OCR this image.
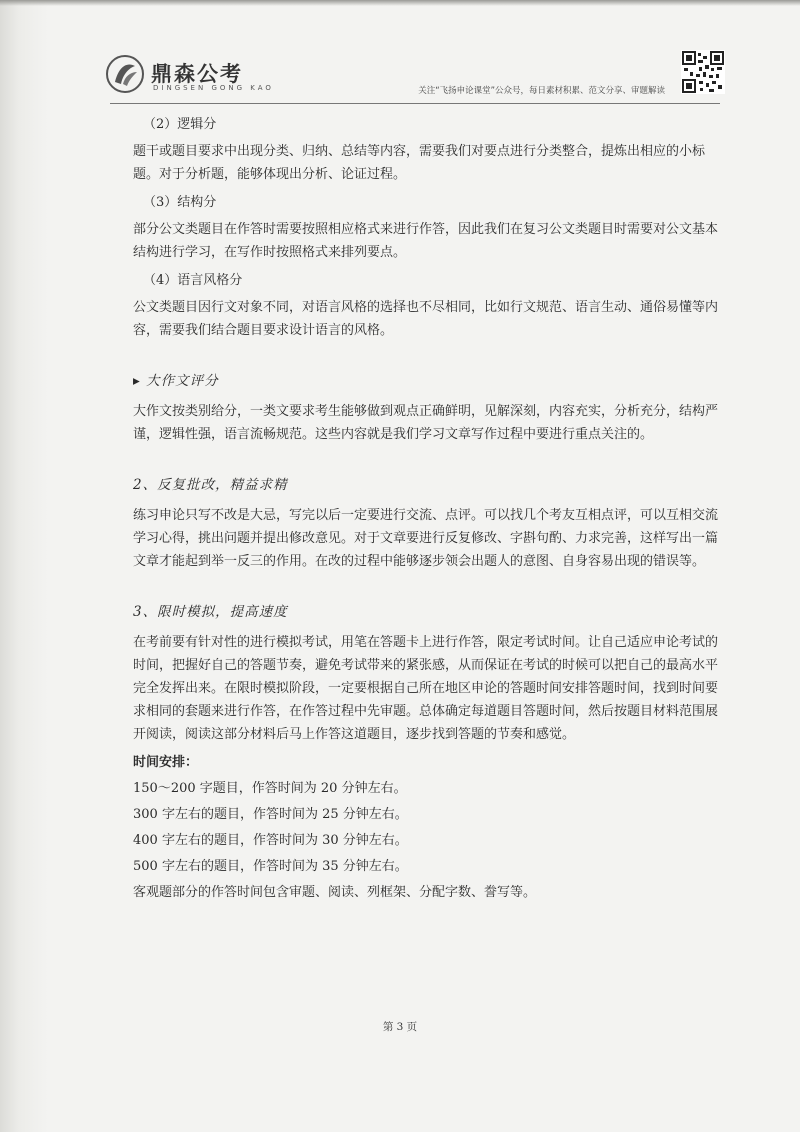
鼎森公考
DINGSEN GONG KAO	关注“飞扬申论课堂”公众号，每日素材积累、范文分享、审题解读

（2）逻辑分

题干或题目要求中出现分类、归纳、总结等内容，需要我们对要点进行分类整合，提炼出相应的小标题。对于分析题，能够体现出分析、论证过程。

（3）结构分

部分公文类题目在作答时需要按照相应格式来进行作答，因此我们在复习公文类题目时需要对公文基本结构进行学习，在写作时按照格式来排列要点。

（4）语言风格分

公文类题目因行文对象不同，对语言风格的选择也不尽相同，比如行文规范、语言生动、通俗易懂等内容，需要我们结合题目要求设计语言的风格。

▸ 大作文评分

大作文按类别给分，一类文要求考生能够做到观点正确鲜明，见解深刻，内容充实，分析充分，结构严谨，逻辑性强，语言流畅规范。这些内容就是我们学习文章写作过程中要进行重点关注的。

2、反复批改，精益求精

练习申论只写不改是大忌，写完以后一定要进行交流、点评。可以找几个考友互相点评，可以互相交流学习心得，挑出问题并提出修改意见。对于文章要进行反复修改、字斟句酌、力求完善，这样写出一篇文章才能起到举一反三的作用。在改的过程中能够逐步领会出题人的意图、自身容易出现的错误等。

3、限时模拟，提高速度

在考前要有针对性的进行模拟考试，用笔在答题卡上进行作答，限定考试时间。让自己适应申论考试的时间，把握好自己的答题节奏，避免考试带来的紧张感，从而保证在考试的时候可以把自己的最高水平完全发挥出来。在限时模拟阶段，一定要根据自己所在地区申论的答题时间安排答题时间，找到时间要求相同的套题来进行作答，在作答过程中先审题。总体确定每道题目答题时间，然后按题目材料范围展开阅读，阅读这部分材料后马上作答这道题目，逐步找到答题的节奏和感觉。

时间安排：

150～200 字题目，作答时间为 20 分钟左右。

300 字左右的题目，作答时间为 25 分钟左右。

400 字左右的题目，作答时间为 30 分钟左右。

500 字左右的题目，作答时间为 35 分钟左右。

客观题部分的作答时间包含审题、阅读、列框架、分配字数、誊写等。

第 3 页
